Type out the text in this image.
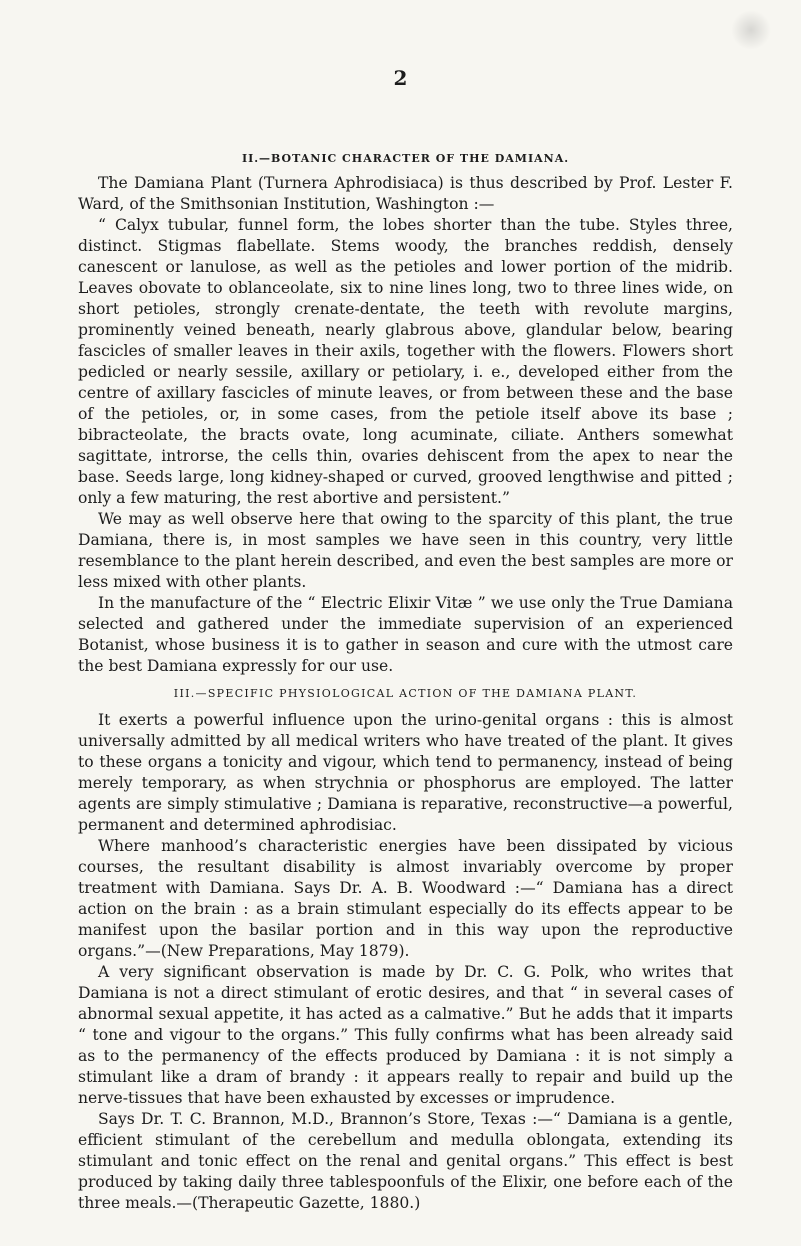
2
II.—BOTANIC CHARACTER OF THE DAMIANA.

The Damiana Plant (Turnera Aphrodisiaca) is thus described by Prof. Lester F. Ward, of the Smithsonian Institution, Washington :—

“ Calyx tubular, funnel form, the lobes shorter than the tube. Styles three, distinct. Stigmas flabellate. Stems woody, the branches reddish, densely canescent or lanulose, as well as the petioles and lower portion of the midrib. Leaves obovate to oblanceolate, six to nine lines long, two to three lines wide, on short petioles, strongly crenate-dentate, the teeth with revolute margins, prominently veined beneath, nearly glabrous above, glandular below, bearing fascicles of smaller leaves in their axils, together with the flowers. Flowers short pedicled or nearly sessile, axillary or petiolary, i. e., developed either from the centre of axillary fascicles of minute leaves, or from between these and the base of the petioles, or, in some cases, from the petiole itself above its base ; bibracteolate, the bracts ovate, long acuminate, ciliate. Anthers somewhat sagittate, introrse, the cells thin, ovaries dehiscent from the apex to near the base. Seeds large, long kidney-shaped or curved, grooved lengthwise and pitted ; only a few maturing, the rest abortive and persistent.”

We may as well observe here that owing to the sparcity of this plant, the true Damiana, there is, in most samples we have seen in this country, very little resemblance to the plant herein described, and even the best samples are more or less mixed with other plants.

In the manufacture of the “ Electric Elixir Vitæ ” we use only the True Damiana selected and gathered under the immediate supervision of an experienced Botanist, whose business it is to gather in season and cure with the utmost care the best Damiana expressly for our use.

III.—SPECIFIC PHYSIOLOGICAL ACTION OF THE DAMIANA PLANT.

It exerts a powerful influence upon the urino-genital organs : this is almost universally admitted by all medical writers who have treated of the plant. It gives to these organs a tonicity and vigour, which tend to permanency, instead of being merely temporary, as when strychnia or phosphorus are employed. The latter agents are simply stimulative ; Damiana is reparative, reconstructive—a powerful, permanent and determined aphrodisiac.

Where manhood’s characteristic energies have been dissipated by vicious courses, the resultant disability is almost invariably overcome by proper treatment with Damiana. Says Dr. A. B. Woodward :—“ Damiana has a direct action on the brain : as a brain stimulant especially do its effects appear to be manifest upon the basilar portion and in this way upon the reproductive organs.”—(New Preparations, May 1879).

A very significant observation is made by Dr. C. G. Polk, who writes that Damiana is not a direct stimulant of erotic desires, and that “ in several cases of abnormal sexual appetite, it has acted as a calmative.” But he adds that it imparts “ tone and vigour to the organs.” This fully confirms what has been already said as to the permanency of the effects produced by Damiana : it is not simply a stimulant like a dram of brandy : it appears really to repair and build up the nerve-tissues that have been exhausted by excesses or imprudence.

Says Dr. T. C. Brannon, M.D., Brannon’s Store, Texas :—“ Damiana is a gentle, efficient stimulant of the cerebellum and medulla oblongata, extending its stimulant and tonic effect on the renal and genital organs.” This effect is best produced by taking daily three tablespoonfuls of the Elixir, one before each of the three meals.—(Therapeutic Gazette, 1880.)
